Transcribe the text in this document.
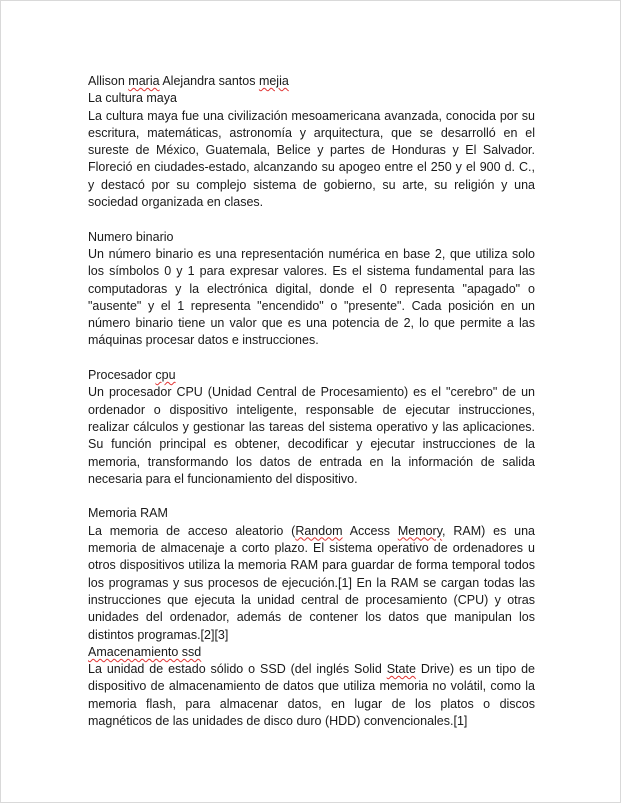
Allison maria Alejandra santos mejia

La cultura maya

La cultura maya fue una civilización mesoamericana avanzada, conocida por su escritura, matemáticas, astronomía y arquitectura, que se desarrolló en el sureste de México, Guatemala, Belice y partes de Honduras y El Salvador. Floreció en ciudades-estado, alcanzando su apogeo entre el 250 y el 900 d. C., y destacó por su complejo sistema de gobierno, su arte, su religión y una sociedad organizada en clases.

Numero binario

Un número binario es una representación numérica en base 2, que utiliza solo los símbolos 0 y 1 para expresar valores. Es el sistema fundamental para las computadoras y la electrónica digital, donde el 0 representa "apagado" o "ausente" y el 1 representa "encendido" o "presente". Cada posición en un número binario tiene un valor que es una potencia de 2, lo que permite a las máquinas procesar datos e instrucciones.

Procesador cpu

Un procesador CPU (Unidad Central de Procesamiento) es el "cerebro" de un ordenador o dispositivo inteligente, responsable de ejecutar instrucciones, realizar cálculos y gestionar las tareas del sistema operativo y las aplicaciones. Su función principal es obtener, decodificar y ejecutar instrucciones de la memoria, transformando los datos de entrada en la información de salida necesaria para el funcionamiento del dispositivo.

Memoria RAM

La memoria de acceso aleatorio (Random Access Memory, RAM) es una memoria de almacenaje a corto plazo. El sistema operativo de ordenadores u otros dispositivos utiliza la memoria RAM para guardar de forma temporal todos los programas y sus procesos de ejecución.[1] En la RAM se cargan todas las instrucciones que ejecuta la unidad central de procesamiento (CPU) y otras unidades del ordenador, además de contener los datos que manipulan los distintos programas.[2][3]

Amacenamiento ssd

La unidad de estado sólido o SSD (del inglés Solid State Drive) es un tipo de dispositivo de almacenamiento de datos que utiliza memoria no volátil, como la memoria flash, para almacenar datos, en lugar de los platos o discos magnéticos de las unidades de disco duro (HDD) convencionales.[1]
